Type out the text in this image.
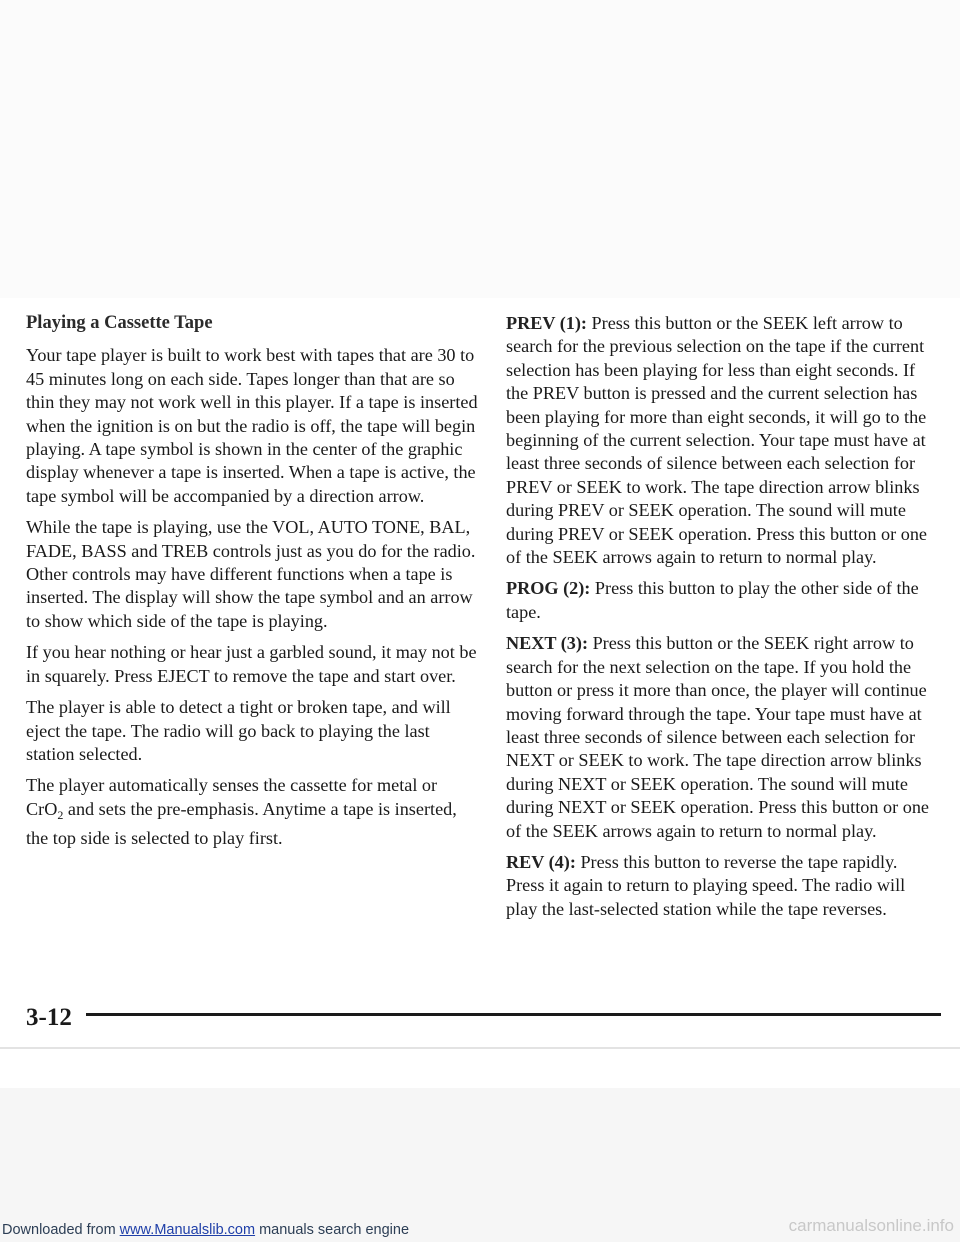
Playing a Cassette Tape

Your tape player is built to work best with tapes that are 30 to 45 minutes long on each side. Tapes longer than that are so thin they may not work well in this player. If a tape is inserted when the ignition is on but the radio is off, the tape will begin playing. A tape symbol is shown in the center of the graphic display whenever a tape is inserted. When a tape is active, the tape symbol will be accompanied by a direction arrow.

While the tape is playing, use the VOL, AUTO TONE, BAL, FADE, BASS and TREB controls just as you do for the radio. Other controls may have different functions when a tape is inserted. The display will show the tape symbol and an arrow to show which side of the tape is playing.

If you hear nothing or hear just a garbled sound, it may not be in squarely. Press EJECT to remove the tape and start over.

The player is able to detect a tight or broken tape, and will eject the tape. The radio will go back to playing the last station selected.

The player automatically senses the cassette for metal or CrO$_2$ and sets the pre-emphasis. Anytime a tape is inserted, the top side is selected to play first.

PREV (1): Press this button or the SEEK left arrow to search for the previous selection on the tape if the current selection has been playing for less than eight seconds. If the PREV button is pressed and the current selection has been playing for more than eight seconds, it will go to the beginning of the current selection. Your tape must have at least three seconds of silence between each selection for PREV or SEEK to work. The tape direction arrow blinks during PREV or SEEK operation. The sound will mute during PREV or SEEK operation. Press this button or one of the SEEK arrows again to return to normal play.

PROG (2): Press this button to play the other side of the tape.

NEXT (3): Press this button or the SEEK right arrow to search for the next selection on the tape. If you hold the button or press it more than once, the player will continue moving forward through the tape. Your tape must have at least three seconds of silence between each selection for NEXT or SEEK to work. The tape direction arrow blinks during NEXT or SEEK operation. The sound will mute during NEXT or SEEK operation. Press this button or one of the SEEK arrows again to return to normal play.

REV (4): Press this button to reverse the tape rapidly. Press it again to return to playing speed. The radio will play the last-selected station while the tape reverses.

3-12
Downloaded from www.Manualslib.com manuals search engine	carmanualsonline.info
